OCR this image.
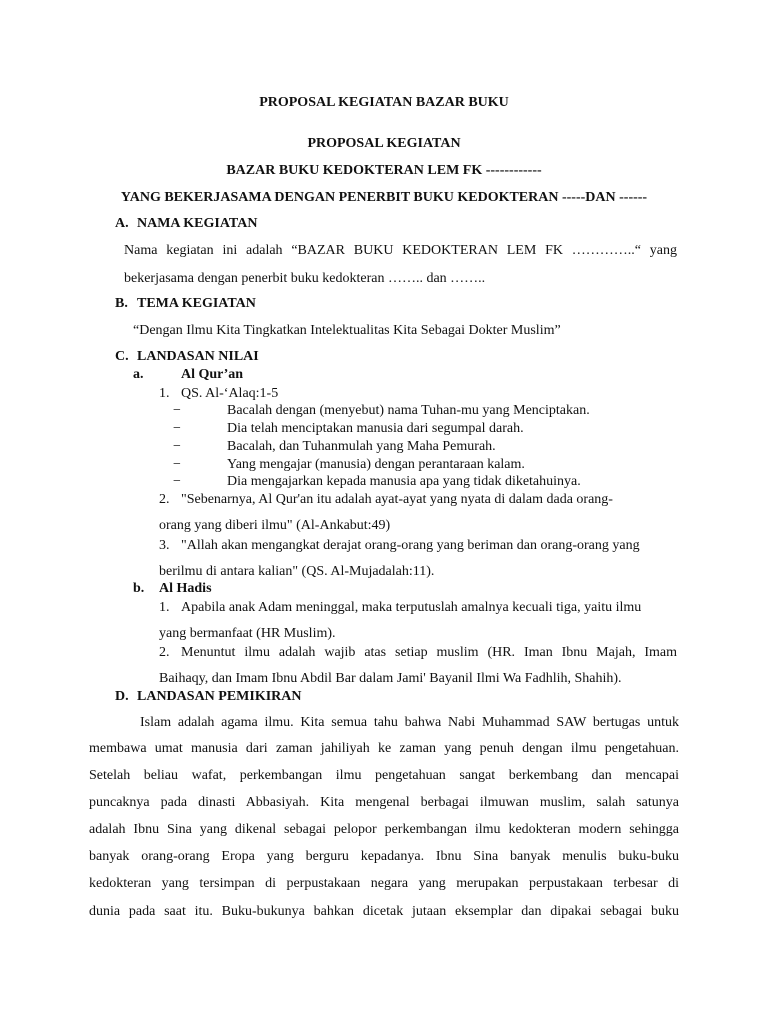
PROPOSAL KEGIATAN BAZAR BUKU
PROPOSAL KEGIATAN
BAZAR BUKU KEDOKTERAN LEM FK ------------
YANG BEKERJASAMA DENGAN PENERBIT BUKU KEDOKTERAN -----DAN ------
A. NAMA KEGIATAN
Nama kegiatan ini adalah “BAZAR BUKU KEDOKTERAN LEM FK …………..“ yang
bekerjasama dengan penerbit buku kedokteran …….. dan ……..
B. TEMA KEGIATAN
“Dengan Ilmu Kita Tingkatkan Intelektualitas Kita Sebagai Dokter Muslim”
C. LANDASAN NILAI
a.	Al Qur’an
1. QS. Al-‘Alaq:1-5
−	Bacalah dengan (menyebut) nama Tuhan-mu yang Menciptakan.
−	Dia telah menciptakan manusia dari segumpal darah.
−	Bacalah, dan Tuhanmulah yang Maha Pemurah.
−	Yang mengajar (manusia) dengan perantaraan kalam.
−	Dia mengajarkan kepada manusia apa yang tidak diketahuinya.
2. "Sebenarnya, Al Qur'an itu adalah ayat-ayat yang nyata di dalam dada orang-
orang yang diberi ilmu" (Al-Ankabut:49)
3. "Allah akan mengangkat derajat orang-orang yang beriman dan orang-orang yang
berilmu di antara kalian" (QS. Al-Mujadalah:11).
b. Al Hadis
1. Apabila anak Adam meninggal, maka terputuslah amalnya kecuali tiga, yaitu ilmu
yang bermanfaat (HR Muslim).
2. Menuntut ilmu adalah wajib atas setiap muslim (HR. Iman Ibnu Majah, Imam
Baihaqy, dan Imam Ibnu Abdil Bar dalam Jami' Bayanil Ilmi Wa Fadhlih, Shahih).
D. LANDASAN PEMIKIRAN
Islam adalah agama ilmu. Kita semua tahu bahwa Nabi Muhammad SAW bertugas untuk
membawa umat manusia dari zaman jahiliyah ke zaman yang penuh dengan ilmu pengetahuan.
Setelah beliau wafat, perkembangan ilmu pengetahuan sangat berkembang dan mencapai
puncaknya pada dinasti Abbasiyah. Kita mengenal berbagai ilmuwan muslim, salah satunya
adalah Ibnu Sina yang dikenal sebagai pelopor perkembangan ilmu kedokteran modern sehingga
banyak orang-orang Eropa yang berguru kepadanya. Ibnu Sina banyak menulis buku-buku
kedokteran yang tersimpan di perpustakaan negara yang merupakan perpustakaan terbesar di
dunia pada saat itu. Buku-bukunya bahkan dicetak jutaan eksemplar dan dipakai sebagai buku
